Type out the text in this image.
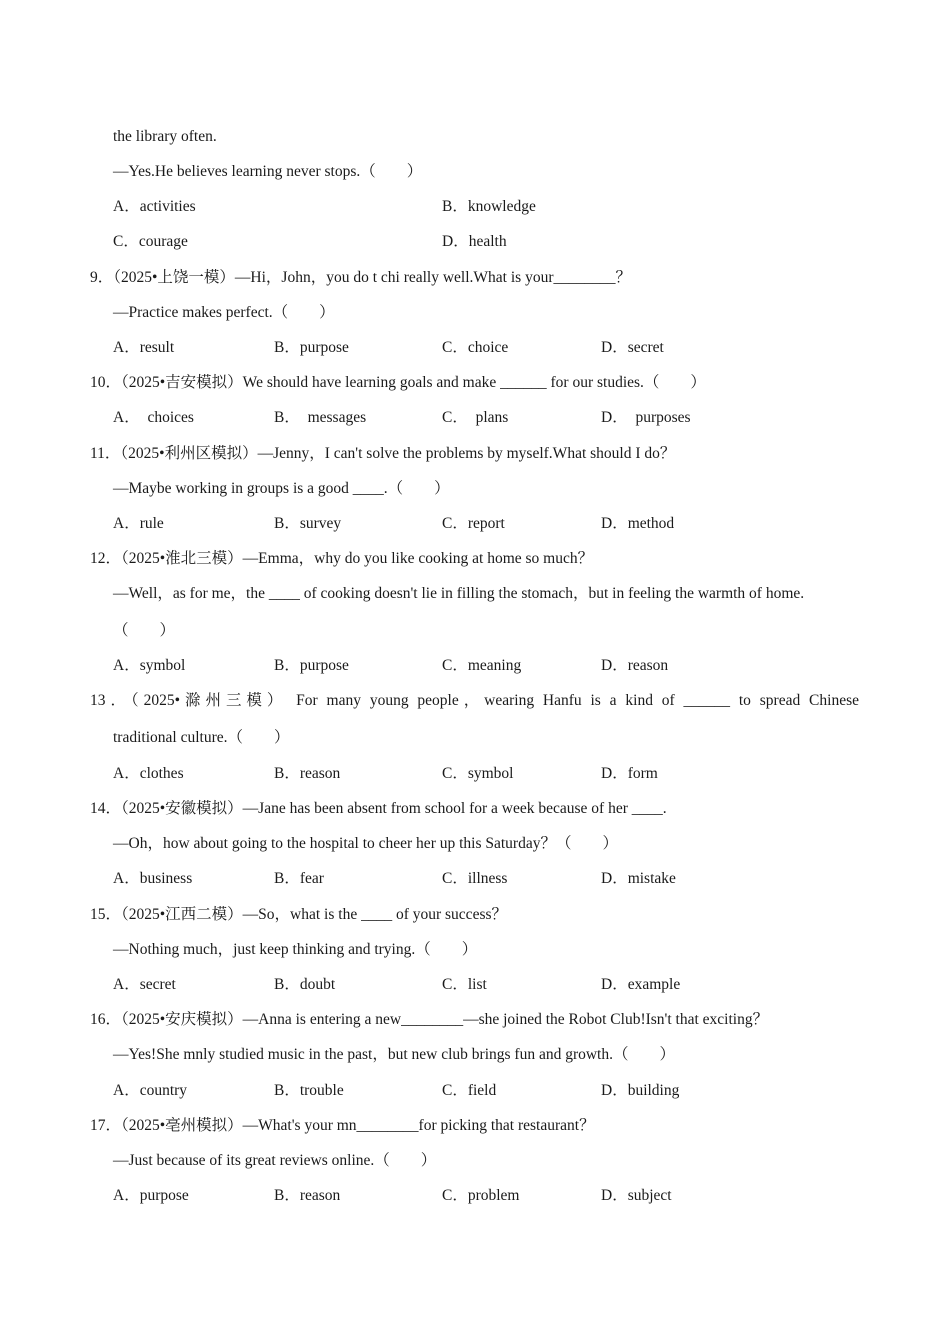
the library often.
—Yes.He believes learning never stops.（　　）
A．activities	B．knowledge
C．courage	D．health
9．（2025•上饶一模）—Hi，John，you do t chi really well.What is your________？
—Practice makes perfect.（　　）
A．result	B．purpose	C．choice	D．secret
10．（2025•吉安模拟）We should have learning goals and make ______ for our studies.（　　）
A．　choices	B．　messages	C．　plans	D．　purposes
11．（2025•利州区模拟）—Jenny，I can't solve the problems by myself.What should I do？
—Maybe working in groups is a good ____.（　　）
A．rule	B．survey	C．report	D．method
12．（2025•淮北三模）—Emma，why do you like cooking at home so much？
—Well，as for me，the ____ of cooking doesn't lie in filling the stomach，but in feeling the warmth of home.
（　　）
A．symbol	B．purpose	C．meaning	D．reason
13．（2025•滁州三模） For many young people，wearing Hanfu is a kind of ______ to spread Chinese
traditional culture.（　　）
A．clothes	B．reason	C．symbol	D．form
14．（2025•安徽模拟）—Jane has been absent from school for a week because of her ____.
—Oh，how about going to the hospital to cheer her up this Saturday？（　　）
A．business	B．fear	C．illness	D．mistake
15．（2025•江西二模）—So，what is the ____ of your success？
—Nothing much，just keep thinking and trying.（　　）
A．secret	B．doubt	C．list	D．example
16．（2025•安庆模拟）—Anna is entering a new________—she joined the Robot Club!Isn't that exciting？
—Yes!She mnly studied music in the past，but new club brings fun and growth.（　　）
A．country	B．trouble	C．field	D．building
17．（2025•亳州模拟）—What's your mn________for picking that restaurant？
—Just because of its great reviews online.（　　）
A．purpose	B．reason	C．problem	D．subject
